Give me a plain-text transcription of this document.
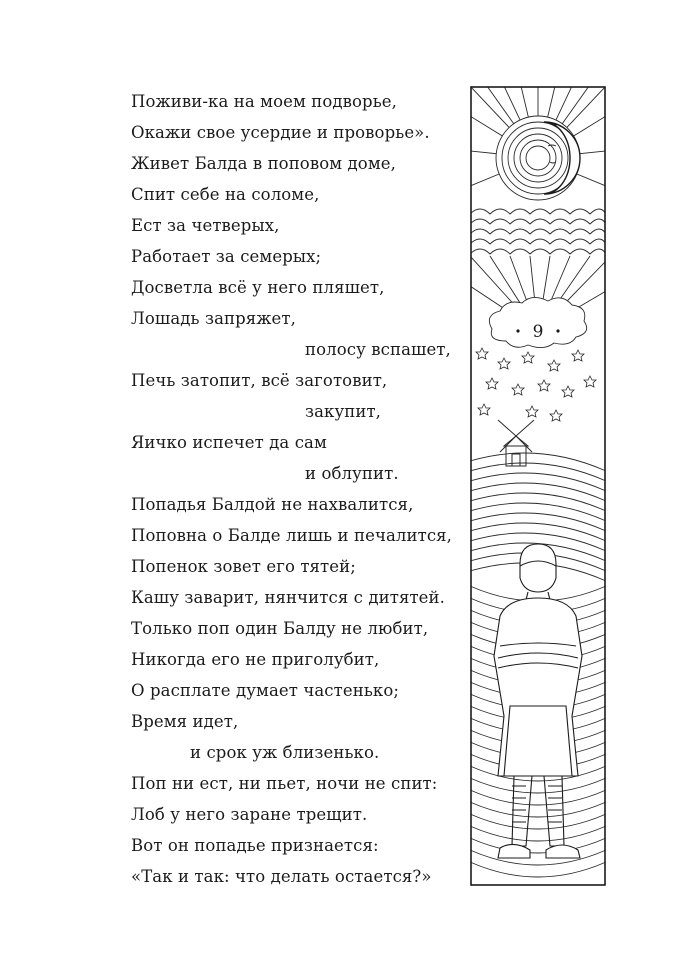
Поживи-ка на моем подворье,
Окажи свое усердие и проворье».
Живет Балда в поповом доме,
Спит себе на соломе,
Ест за четверых,
Работает за семерых;
Досветла всё у него пляшет,
Лошадь запряжет,
полосу вспашет,
Печь затопит, всё заготовит,
закупит,
Яичко испечет да сам
и облупит.
Попадья Балдой не нахвалится,
Поповна о Балде лишь и печалится,
Попенок зовет его тятей;
Кашу заварит, нянчится с дитятей.
Только поп один Балду не любит,
Никогда его не приголубит,
О расплате думает частенько;
Время идет,
и срок уж близенько.
Поп ни ест, ни пьет, ночи не спит:
Лоб у него заране трещит.
Вот он попадье признается:
«Так и так: что делать остается?»
9
